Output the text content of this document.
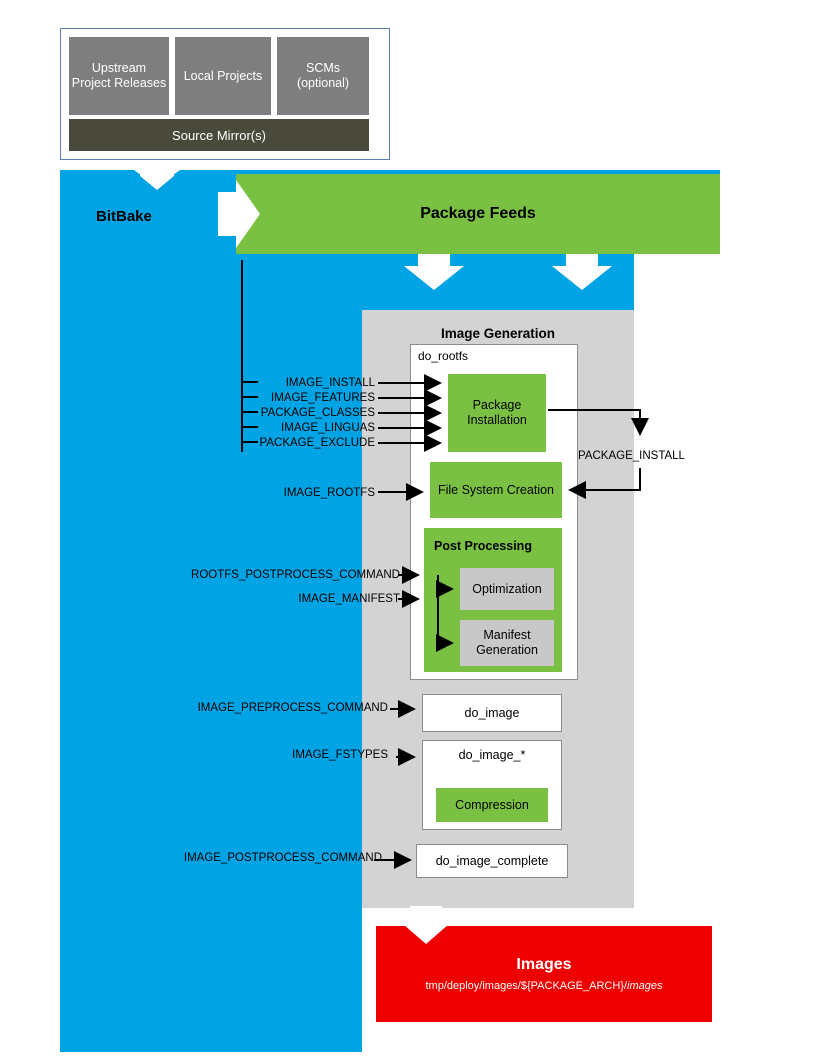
BitBake
Upstream Project Releases
Local Projects
SCMs (optional)
Source Mirror(s)
Package Feeds
Image Generation
do_rootfs
Package Installation
File System Creation
Post Processing
Optimization
Manifest Generation
do_image
do_image_*
Compression
do_image_complete
Images
tmp/deploy/images/${PACKAGE_ARCH}/images
IMAGE_INSTALL
IMAGE_FEATURES
PACKAGE_CLASSES
IMAGE_LINGUAS
PACKAGE_EXCLUDE
IMAGE_ROOTFS
ROOTFS_POSTPROCESS_COMMAND
IMAGE_MANIFEST
IMAGE_PREPROCESS_COMMAND
IMAGE_FSTYPES
IMAGE_POSTPROCESS_COMMAND
PACKAGE_INSTALL
